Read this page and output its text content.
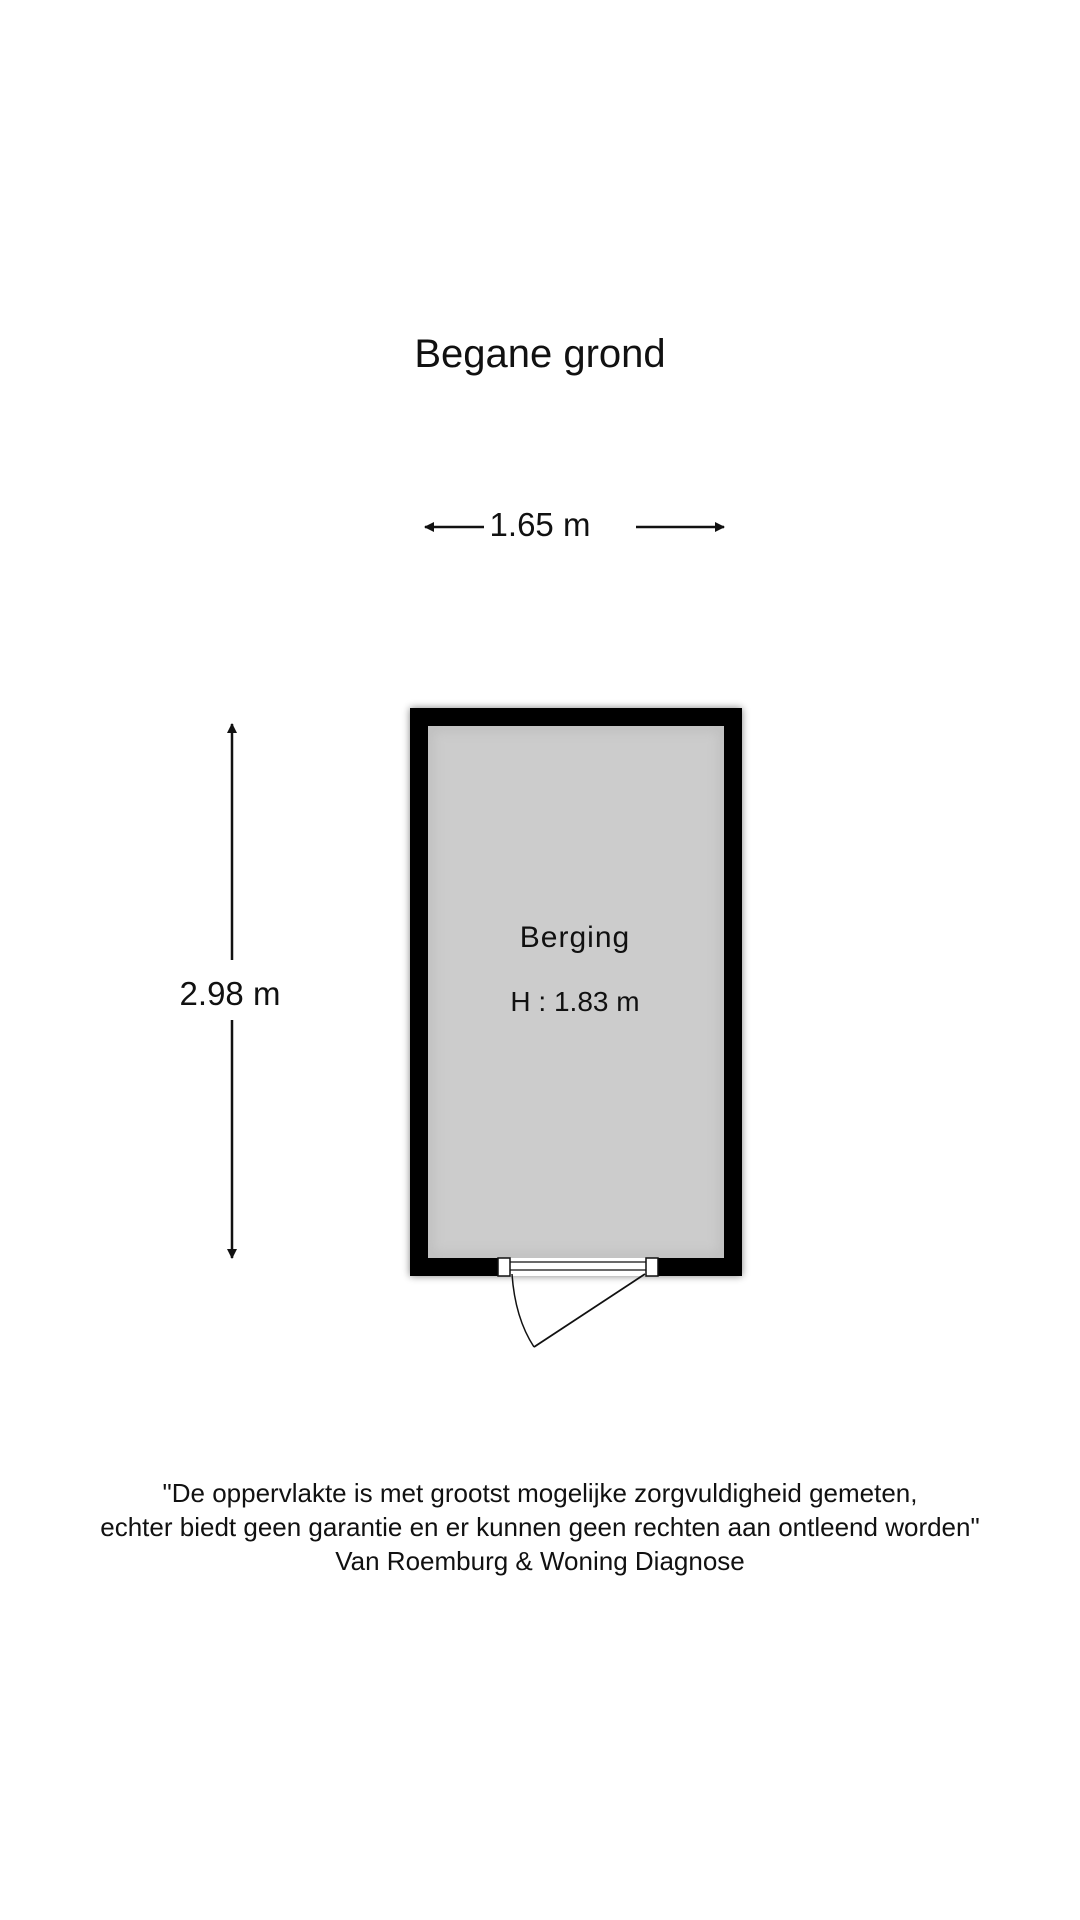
Begane grond
1.65 m
2.98 m
Berging
H : 1.83 m
"De oppervlakte is met grootst mogelijke zorgvuldigheid gemeten,
echter biedt geen garantie en er kunnen geen rechten aan ontleend worden"
Van Roemburg & Woning Diagnose
